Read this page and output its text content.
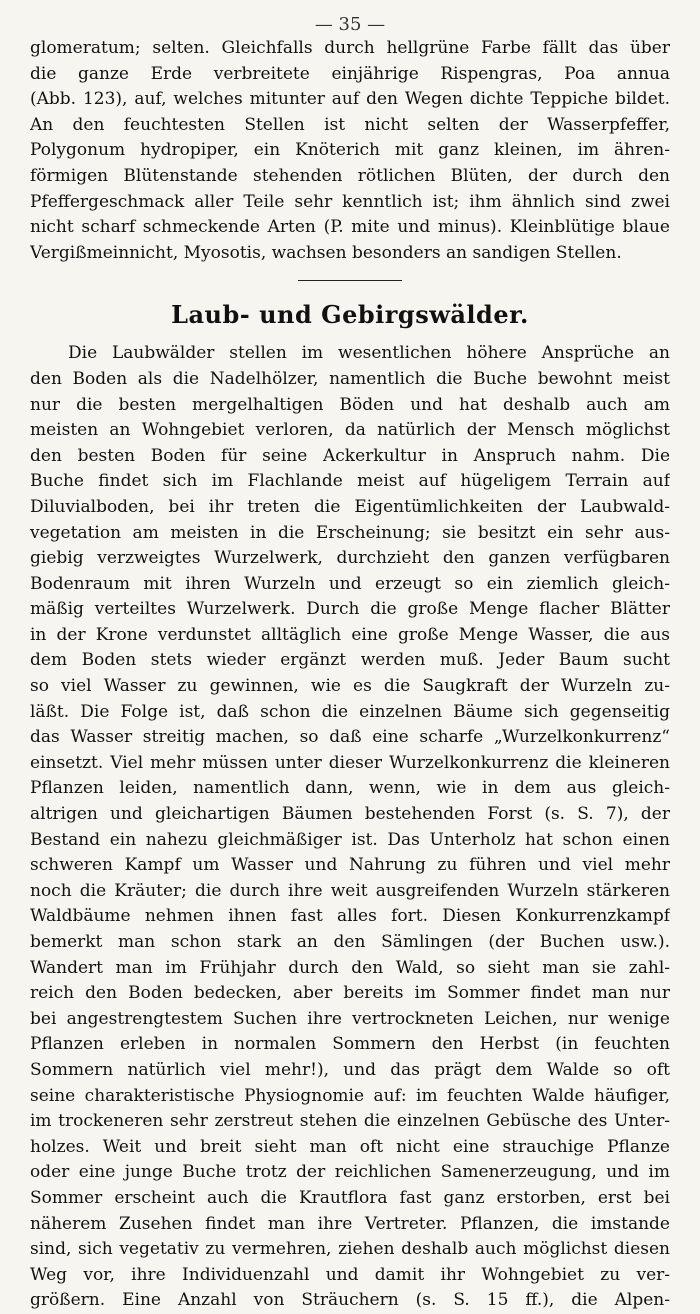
— 35 —
glomeratum; selten. Gleichfalls durch hellgrüne Farbe fällt das über
die ganze Erde verbreitete einjährige Rispengras, Poa annua
(Abb. 123), auf, welches mitunter auf den Wegen dichte Teppiche bildet.
An den feuchtesten Stellen ist nicht selten der Wasserpfeffer,
Polygonum hydropiper, ein Knöterich mit ganz kleinen, im ähren-
förmigen Blütenstande stehenden rötlichen Blüten, der durch den
Pfeffergeschmack aller Teile sehr kenntlich ist; ihm ähnlich sind zwei
nicht scharf schmeckende Arten (P. mite und minus). Kleinblütige blaue
Vergißmeinnicht, Myosotis, wachsen besonders an sandigen Stellen.
Laub- und Gebirgswälder.
Die Laubwälder stellen im wesentlichen höhere Ansprüche an
den Boden als die Nadelhölzer, namentlich die Buche bewohnt meist
nur die besten mergelhaltigen Böden und hat deshalb auch am
meisten an Wohngebiet verloren, da natürlich der Mensch möglichst
den besten Boden für seine Ackerkultur in Anspruch nahm. Die
Buche findet sich im Flachlande meist auf hügeligem Terrain auf
Diluvialboden, bei ihr treten die Eigentümlichkeiten der Laubwald-
vegetation am meisten in die Erscheinung; sie besitzt ein sehr aus-
giebig verzweigtes Wurzelwerk, durchzieht den ganzen verfügbaren
Bodenraum mit ihren Wurzeln und erzeugt so ein ziemlich gleich-
mäßig verteiltes Wurzelwerk. Durch die große Menge flacher Blätter
in der Krone verdunstet alltäglich eine große Menge Wasser, die aus
dem Boden stets wieder ergänzt werden muß. Jeder Baum sucht
so viel Wasser zu gewinnen, wie es die Saugkraft der Wurzeln zu-
läßt. Die Folge ist, daß schon die einzelnen Bäume sich gegenseitig
das Wasser streitig machen, so daß eine scharfe „Wurzelkonkurrenz“
einsetzt. Viel mehr müssen unter dieser Wurzelkonkurrenz die kleineren
Pflanzen leiden, namentlich dann, wenn, wie in dem aus gleich-
altrigen und gleichartigen Bäumen bestehenden Forst (s. S. 7), der
Bestand ein nahezu gleichmäßiger ist. Das Unterholz hat schon einen
schweren Kampf um Wasser und Nahrung zu führen und viel mehr
noch die Kräuter; die durch ihre weit ausgreifenden Wurzeln stärkeren
Waldbäume nehmen ihnen fast alles fort. Diesen Konkurrenzkampf
bemerkt man schon stark an den Sämlingen (der Buchen usw.).
Wandert man im Frühjahr durch den Wald, so sieht man sie zahl-
reich den Boden bedecken, aber bereits im Sommer findet man nur
bei angestrengtestem Suchen ihre vertrockneten Leichen, nur wenige
Pflanzen erleben in normalen Sommern den Herbst (in feuchten
Sommern natürlich viel mehr!), und das prägt dem Walde so oft
seine charakteristische Physiognomie auf: im feuchten Walde häufiger,
im trockeneren sehr zerstreut stehen die einzelnen Gebüsche des Unter-
holzes. Weit und breit sieht man oft nicht eine strauchige Pflanze
oder eine junge Buche trotz der reichlichen Samenerzeugung, und im
Sommer erscheint auch die Krautflora fast ganz erstorben, erst bei
näherem Zusehen findet man ihre Vertreter. Pflanzen, die imstande
sind, sich vegetativ zu vermehren, ziehen deshalb auch möglichst diesen
Weg vor, ihre Individuenzahl und damit ihr Wohngebiet zu ver-
größern. Eine Anzahl von Sträuchern (s. S. 15 ff.), die Alpen-
